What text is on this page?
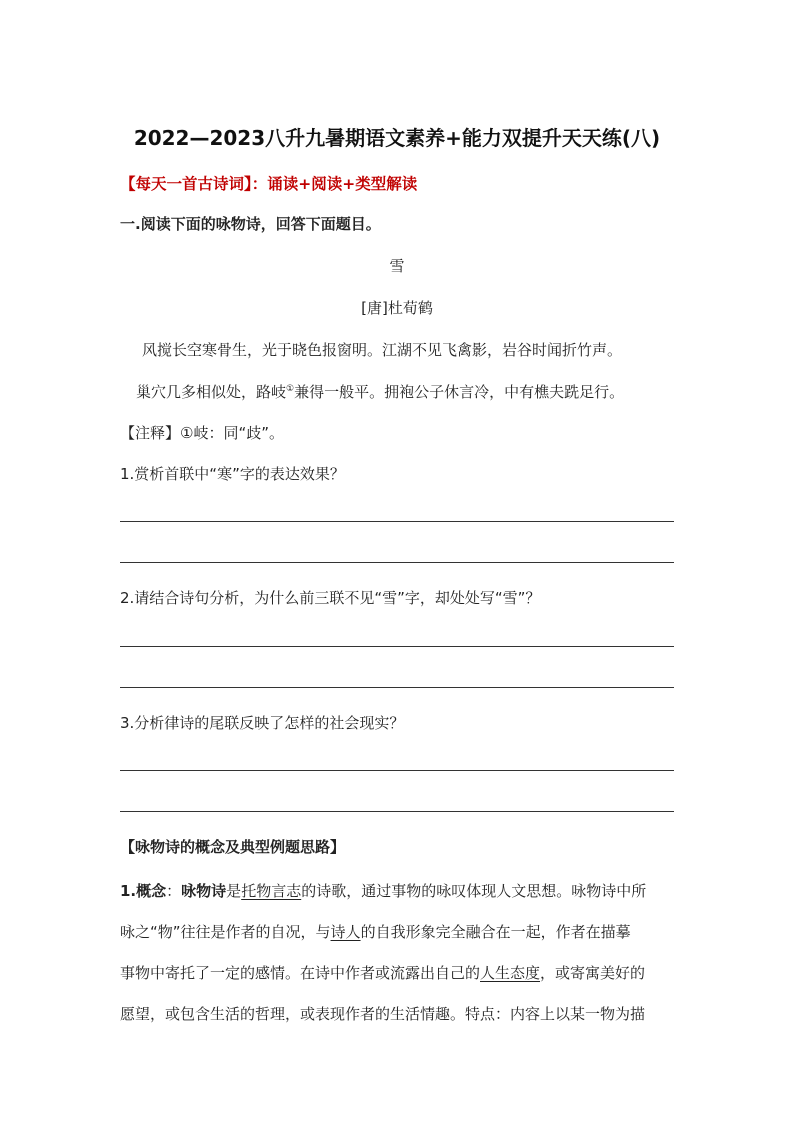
2022—2023八升九暑期语文素养+能力双提升天天练(八)
【每天一首古诗词】：诵读+阅读+类型解读
一.阅读下面的咏物诗，回答下面题目。
雪
[唐]杜荀鹤
风搅长空寒骨生，光于晓色报窗明。江湖不见飞禽影，岩谷时闻折竹声。
巢穴几多相似处，路岐①兼得一般平。拥袍公子休言冷，中有樵夫跣足行。
【注释】①岐：同“歧”。
1.赏析首联中“寒”字的表达效果？
2.请结合诗句分析，为什么前三联不见“雪”字，却处处写“雪”？
3.分析律诗的尾联反映了怎样的社会现实？
【咏物诗的概念及典型例题思路】
1.概念：咏物诗是托物言志的诗歌，通过事物的咏叹体现人文思想。咏物诗中所
咏之“物”往往是作者的自况，与诗人的自我形象完全融合在一起，作者在描摹
事物中寄托了一定的感情。在诗中作者或流露出自己的人生态度，或寄寓美好的
愿望，或包含生活的哲理，或表现作者的生活情趣。特点：内容上以某一物为描
